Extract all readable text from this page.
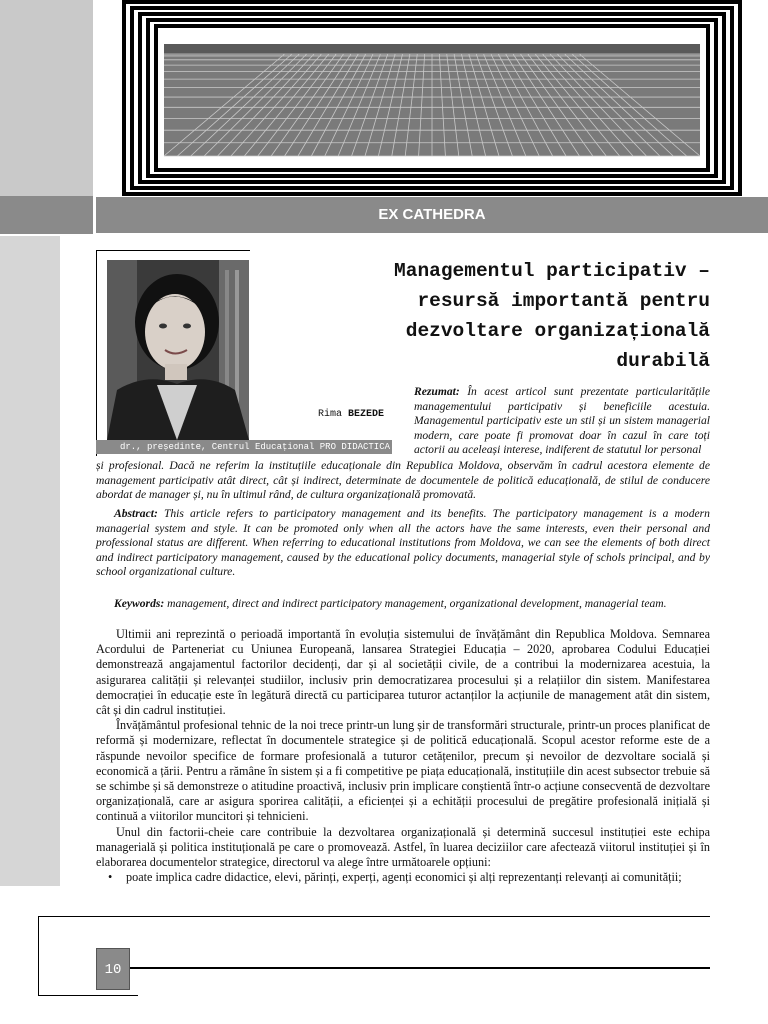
EX CATHEDRA
dr., președinte, Centrul Educațional PRO DIDACTICA
Managementul participativ –
resursă importantă pentru
dezvoltare organizațională
durabilă
Rima BEZEDE
Rezumat: În acest articol sunt prezentate particularitățile managementului participativ și beneficiile acestuia. Managementul participativ este un stil și un sistem managerial modern, care poate fi promovat doar în cazul în care toți actorii au aceleași interese, indiferent de statutul lor personal
și profesional. Dacă ne referim la instituțiile educaționale din Republica Moldova, observăm în cadrul acestora elemente de management participativ atât direct, cât și indirect, determinate de documentele de politică educațională, de stilul de conducere abordat de manager și, nu în ultimul rând, de cultura organizațională promovată.
Abstract: This article refers to participatory management and its benefits. The participatory management is a modern managerial system and style. It can be promoted only when all the actors have the same interests, even their personal and professional status are different. When referring to educational institutions from Moldova, we can see the elements of both direct and indirect participatory management, caused by the educational policy documents, managerial style of schols principal, and by school organizational culture.
Keywords: management, direct and indirect participatory management, organizational development, managerial team.

Ultimii ani reprezintă o perioadă importantă în evoluția sistemului de învățământ din Republica Moldova. Semnarea Acordului de Parteneriat cu Uniunea Europeană, lansarea Strategiei Educația – 2020, aprobarea Codului Educației demonstrează angajamentul factorilor decidenți, dar și al societății civile, de a contribui la modernizarea acestuia, la asigurarea calității și relevanței studiilor, inclusiv prin democratizarea procesului și a relațiilor din sistem. Manifestarea democrației în educație este în legătură directă cu participarea tuturor actanților la acțiunile de management atât din sistem, cât și din cadrul instituției.

Învățământul profesional tehnic de la noi trece printr-un lung șir de transformări structurale, printr-un proces planificat de reformă și modernizare, reflectat în documentele strategice și de politică educațională. Scopul acestor reforme este de a răspunde nevoilor specifice de formare profesională a tuturor cetățenilor, precum și nevoilor de dezvoltare socială și economică a țării. Pentru a rămâne în sistem și a fi competitive pe piața educațională, instituțiile din acest subsector trebuie să se schimbe și să demonstreze o atitudine proactivă, inclusiv prin implicare conștientă într-o acțiune consecventă de dezvoltare organizațională, care ar asigura sporirea calității, a eficienței și a echității procesului de pregătire profesională inițială și continuă a viitorilor muncitori și tehnicieni.

Unul din factorii-cheie care contribuie la dezvoltarea organizațională și determină succesul instituției este echipa managerială și politica instituțională pe care o promovează. Astfel, în luarea deciziilor care afectează viitorul instituției și în elaborarea documentelor strategice, directorul va alege între următoarele opțiuni:

• poate implica cadre didactice, elevi, părinți, experți, agenți economici și alți reprezentanți relevanți ai comunității;
10
